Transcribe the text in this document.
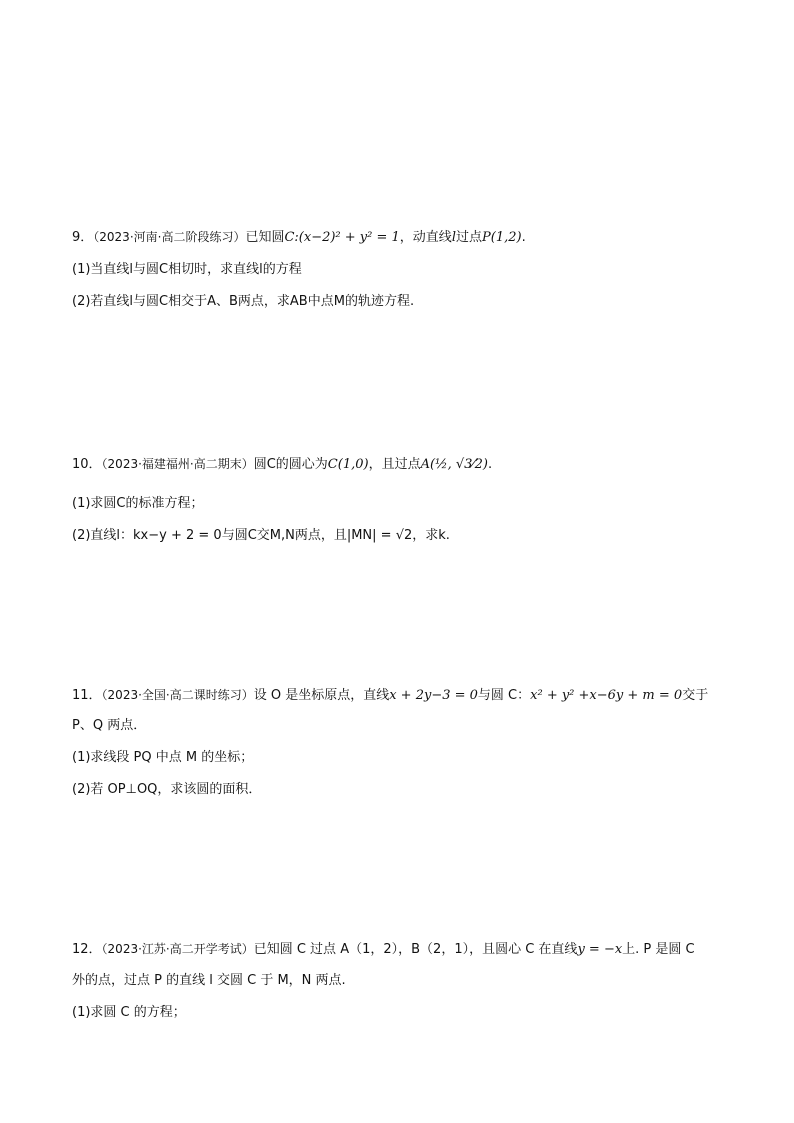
9．（2023·河南·高二阶段练习）已知圆C:(x−2)² + y² = 1，动直线l过点P(1,2).
(1)当直线l与圆C相切时，求直线l的方程
(2)若直线l与圆C相交于A、B两点，求AB中点M的轨迹方程.
10．（2023·福建福州·高二期末）圆C的圆心为C(1,0)，且过点A(½, √3⁄2).
(1)求圆C的标准方程；
(2)直线l：kx−y + 2 = 0与圆C交M,N两点，且|MN| = √2，求k.
11．（2023·全国·高二课时练习）设 O 是坐标原点，直线x + 2y−3 = 0与圆 C：x² + y² +x−6y + m = 0交于
P、Q 两点．
(1)求线段 PQ 中点 M 的坐标；
(2)若 OP⊥OQ，求该圆的面积．
12．（2023·江苏·高二开学考试）已知圆 C 过点 A（1，2），B（2，1），且圆心 C 在直线y = −x上. P 是圆 C
外的点，过点 P 的直线 l 交圆 C 于 M，N 两点.
(1)求圆 C 的方程；
